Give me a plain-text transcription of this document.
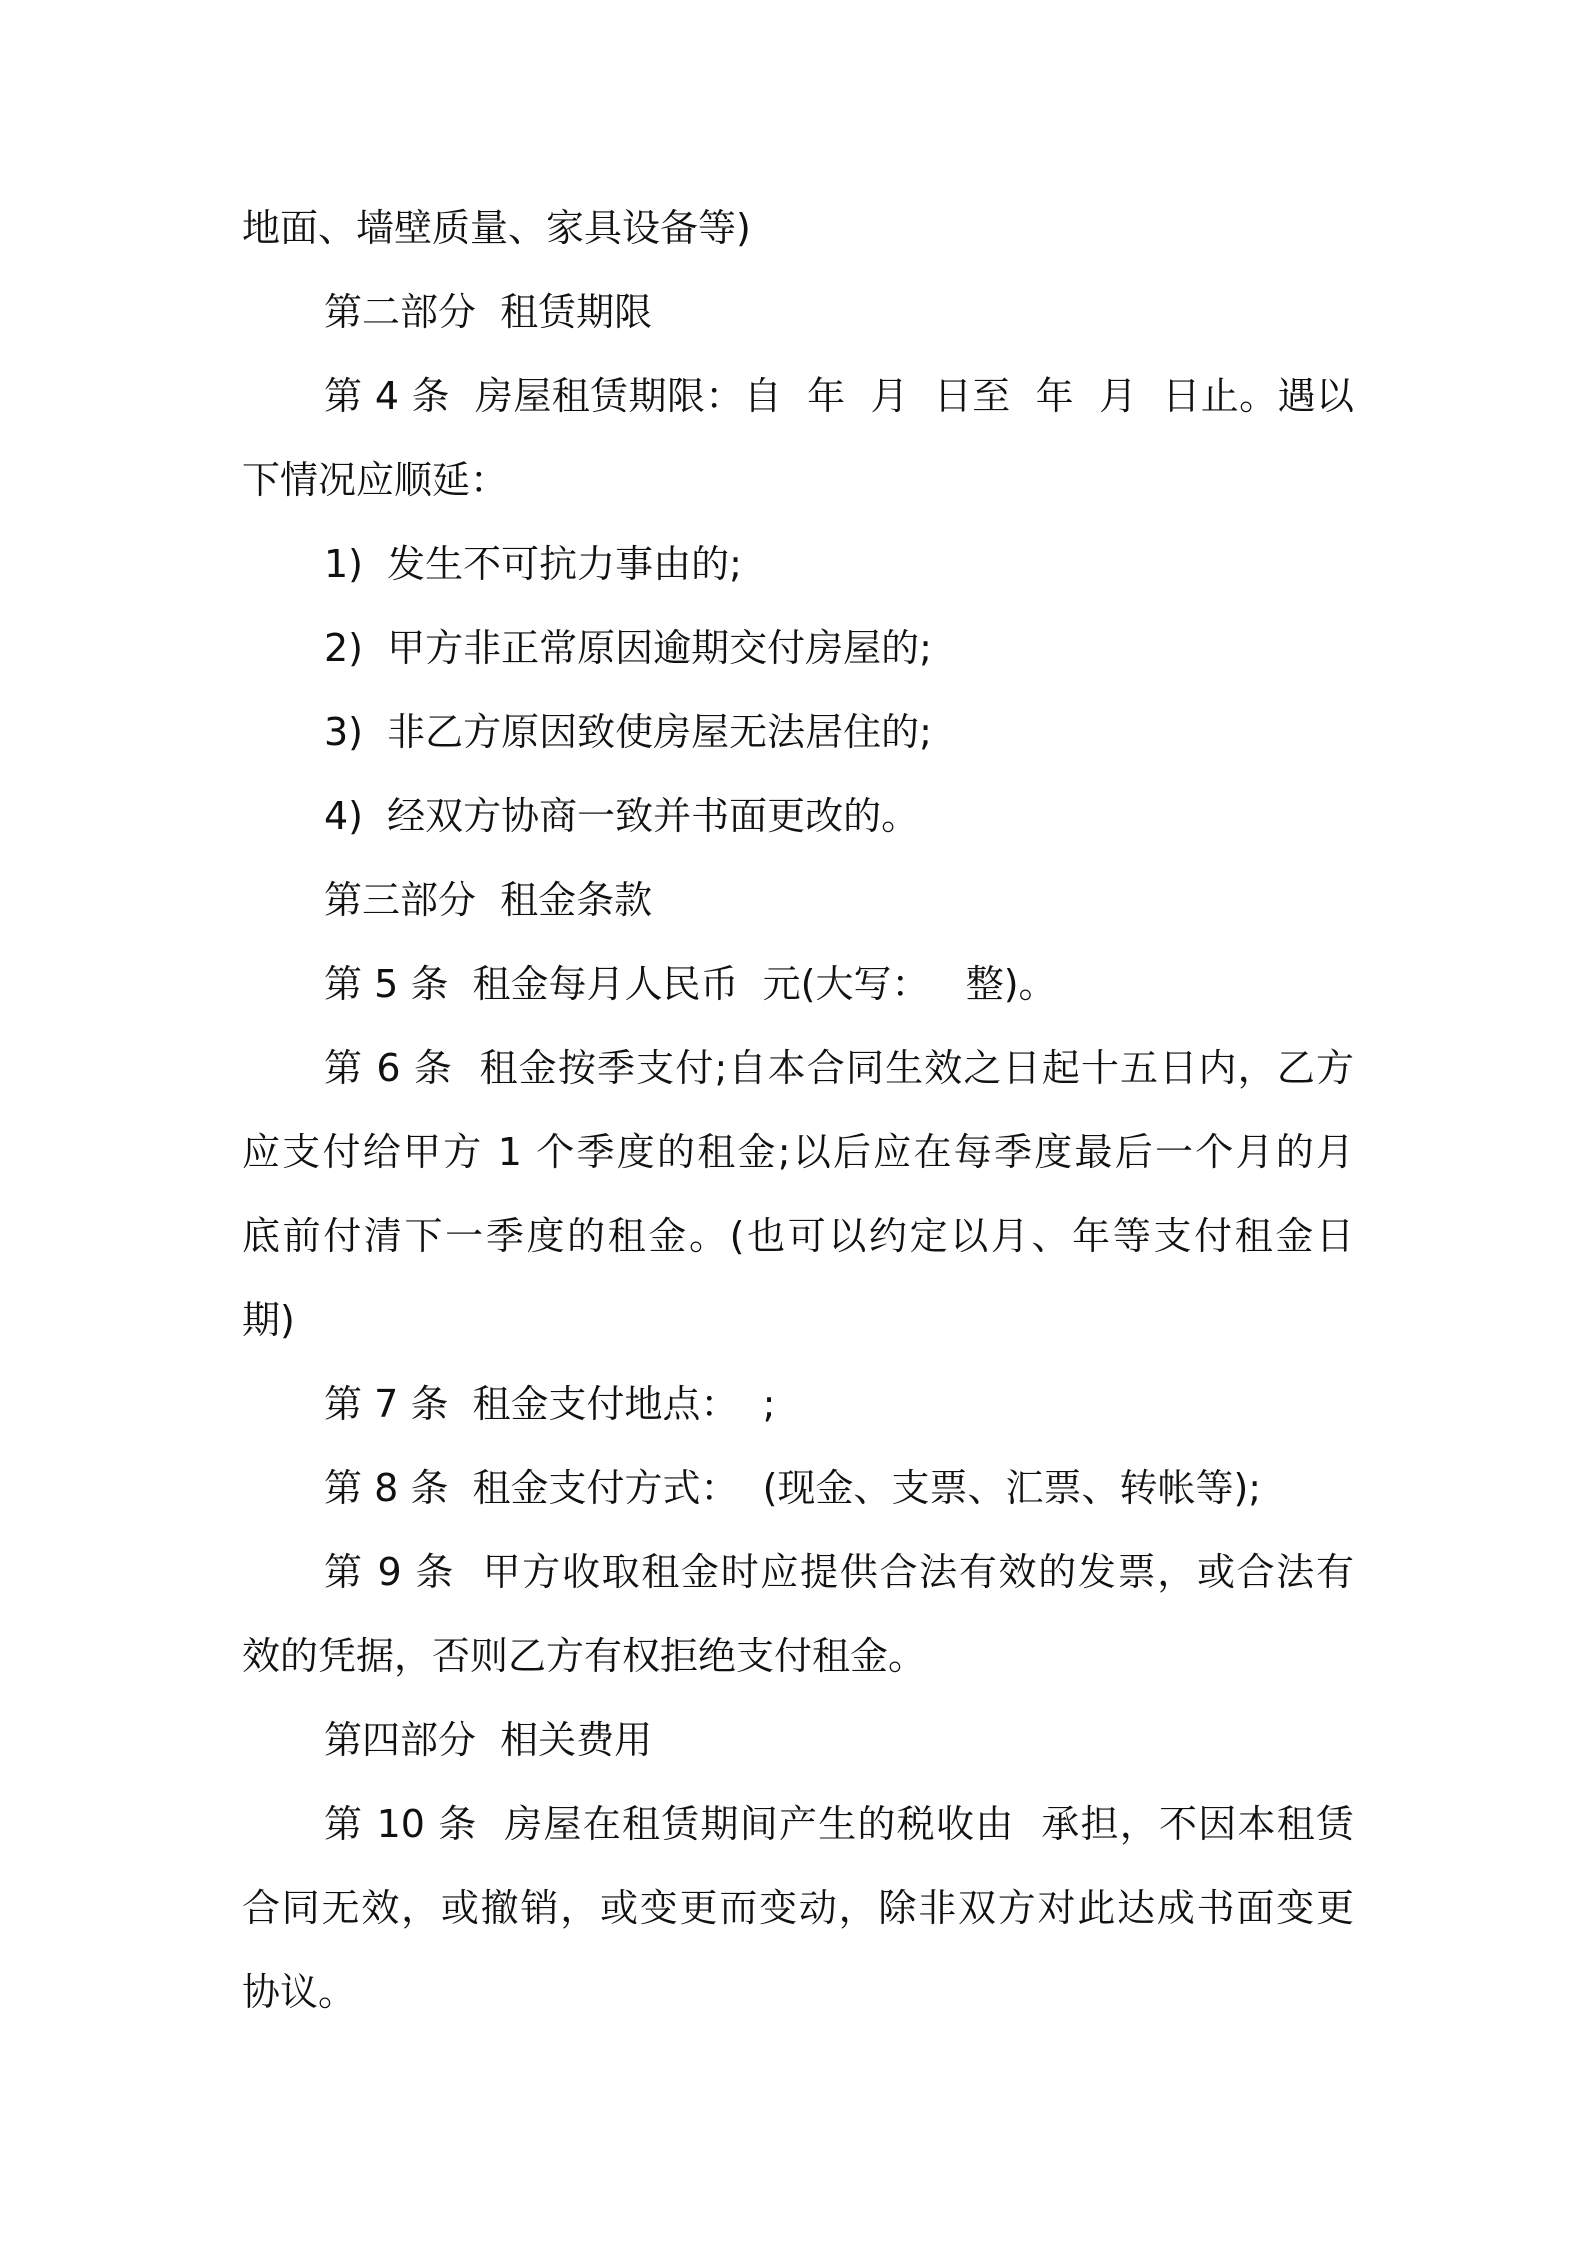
地面、墙壁质量、家具设备等)
第二部分  租赁期限
第 4 条  房屋租赁期限：自  年  月  日至  年  月  日止。遇以
下情况应顺延：
1)  发生不可抗力事由的;
2)  甲方非正常原因逾期交付房屋的;
3)  非乙方原因致使房屋无法居住的;
4)  经双方协商一致并书面更改的。
第三部分  租金条款
第 5 条  租金每月人民币  元(大写：   整)。
第 6 条  租金按季支付;自本合同生效之日起十五日内，乙方
应支付给甲方 1 个季度的租金;以后应在每季度最后一个月的月
底前付清下一季度的租金。(也可以约定以月、年等支付租金日
期)
第 7 条  租金支付地点：  ;
第 8 条  租金支付方式：  (现金、支票、汇票、转帐等);
第 9 条  甲方收取租金时应提供合法有效的发票，或合法有
效的凭据，否则乙方有权拒绝支付租金。
第四部分  相关费用
第 10 条  房屋在租赁期间产生的税收由  承担，不因本租赁
合同无效，或撤销，或变更而变动，除非双方对此达成书面变更
协议。
